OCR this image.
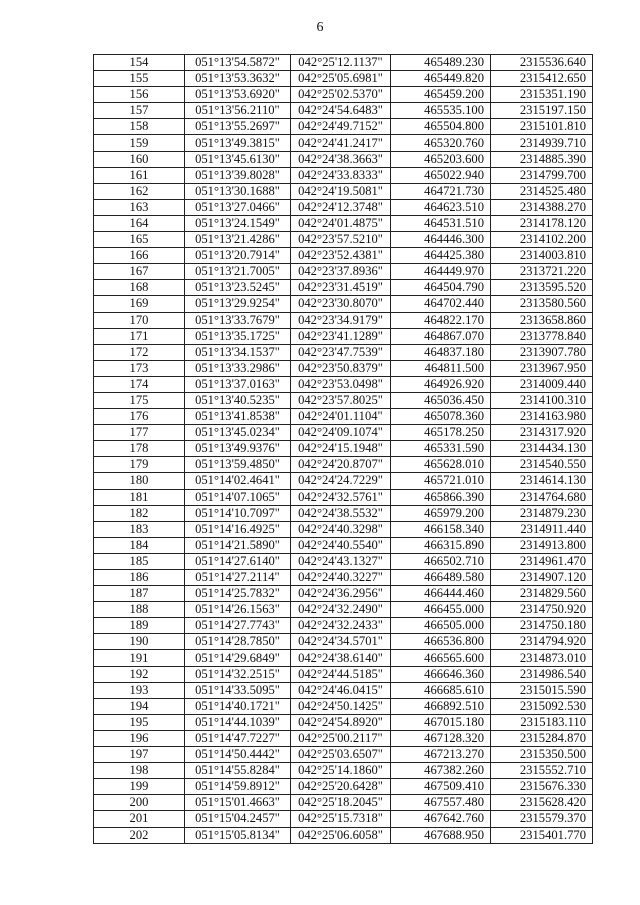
6
154	051°13'54.5872"	042°25'12.1137"	465489.230	2315536.640
155	051°13'53.3632"	042°25'05.6981"	465449.820	2315412.650
156	051°13'53.6920"	042°25'02.5370"	465459.200	2315351.190
157	051°13'56.2110"	042°24'54.6483"	465535.100	2315197.150
158	051°13'55.2697"	042°24'49.7152"	465504.800	2315101.810
159	051°13'49.3815"	042°24'41.2417"	465320.760	2314939.710
160	051°13'45.6130"	042°24'38.3663"	465203.600	2314885.390
161	051°13'39.8028"	042°24'33.8333"	465022.940	2314799.700
162	051°13'30.1688"	042°24'19.5081"	464721.730	2314525.480
163	051°13'27.0466"	042°24'12.3748"	464623.510	2314388.270
164	051°13'24.1549"	042°24'01.4875"	464531.510	2314178.120
165	051°13'21.4286"	042°23'57.5210"	464446.300	2314102.200
166	051°13'20.7914"	042°23'52.4381"	464425.380	2314003.810
167	051°13'21.7005"	042°23'37.8936"	464449.970	2313721.220
168	051°13'23.5245"	042°23'31.4519"	464504.790	2313595.520
169	051°13'29.9254"	042°23'30.8070"	464702.440	2313580.560
170	051°13'33.7679"	042°23'34.9179"	464822.170	2313658.860
171	051°13'35.1725"	042°23'41.1289"	464867.070	2313778.840
172	051°13'34.1537"	042°23'47.7539"	464837.180	2313907.780
173	051°13'33.2986"	042°23'50.8379"	464811.500	2313967.950
174	051°13'37.0163"	042°23'53.0498"	464926.920	2314009.440
175	051°13'40.5235"	042°23'57.8025"	465036.450	2314100.310
176	051°13'41.8538"	042°24'01.1104"	465078.360	2314163.980
177	051°13'45.0234"	042°24'09.1074"	465178.250	2314317.920
178	051°13'49.9376"	042°24'15.1948"	465331.590	2314434.130
179	051°13'59.4850"	042°24'20.8707"	465628.010	2314540.550
180	051°14'02.4641"	042°24'24.7229"	465721.010	2314614.130
181	051°14'07.1065"	042°24'32.5761"	465866.390	2314764.680
182	051°14'10.7097"	042°24'38.5532"	465979.200	2314879.230
183	051°14'16.4925"	042°24'40.3298"	466158.340	2314911.440
184	051°14'21.5890"	042°24'40.5540"	466315.890	2314913.800
185	051°14'27.6140"	042°24'43.1327"	466502.710	2314961.470
186	051°14'27.2114"	042°24'40.3227"	466489.580	2314907.120
187	051°14'25.7832"	042°24'36.2956"	466444.460	2314829.560
188	051°14'26.1563"	042°24'32.2490"	466455.000	2314750.920
189	051°14'27.7743"	042°24'32.2433"	466505.000	2314750.180
190	051°14'28.7850"	042°24'34.5701"	466536.800	2314794.920
191	051°14'29.6849"	042°24'38.6140"	466565.600	2314873.010
192	051°14'32.2515"	042°24'44.5185"	466646.360	2314986.540
193	051°14'33.5095"	042°24'46.0415"	466685.610	2315015.590
194	051°14'40.1721"	042°24'50.1425"	466892.510	2315092.530
195	051°14'44.1039"	042°24'54.8920"	467015.180	2315183.110
196	051°14'47.7227"	042°25'00.2117"	467128.320	2315284.870
197	051°14'50.4442"	042°25'03.6507"	467213.270	2315350.500
198	051°14'55.8284"	042°25'14.1860"	467382.260	2315552.710
199	051°14'59.8912"	042°25'20.6428"	467509.410	2315676.330
200	051°15'01.4663"	042°25'18.2045"	467557.480	2315628.420
201	051°15'04.2457"	042°25'15.7318"	467642.760	2315579.370
202	051°15'05.8134"	042°25'06.6058"	467688.950	2315401.770
